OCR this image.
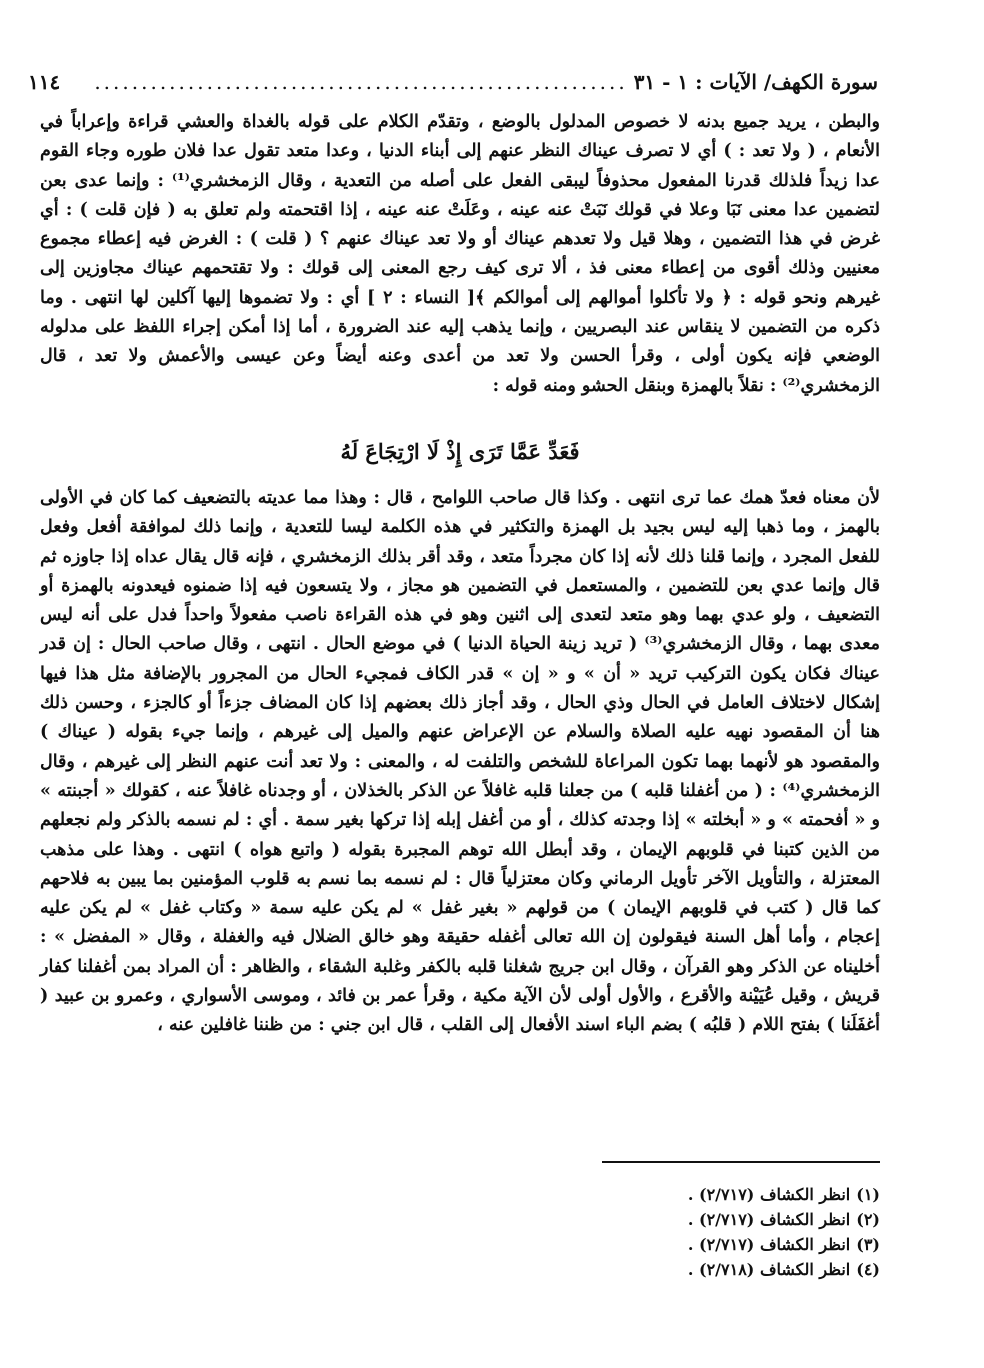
سورة الكهف/ الآيات : ١ - ٣١
.........................................................
١١٤

والبطن ، يريد جميع بدنه لا خصوص المدلول بالوضع ، وتقدّم الكلام على قوله بالغداة والعشي قراءة وإعراباً في الأنعام ، ( ولا تعد : ) أي لا تصرف عيناك النظر عنهم إلى أبناء الدنيا ، وعدا متعد تقول عدا فلان طوره وجاء القوم عدا زيداً فلذلك قدرنا المفعول محذوفاً ليبقى الفعل على أصله من التعدية ، وقال الزمخشري⁽¹⁾ : وإنما عدى بعن لتضمين عدا معنى نَبَا وعلا في قولك نَبَتْ عنه عينه ، وعَلَتْ عنه عينه ، إذا اقتحمته ولم تعلق به ( فإن قلت ) : أي غرض في هذا التضمين ، وهلا قيل ولا تعدهم عيناك أو ولا تعد عيناك عنهم ؟ ( قلت ) : الغرض فيه إعطاء مجموع معنيين وذلك أقوى من إعطاء معنى فذ ، ألا ترى كيف رجع المعنى إلى قولك : ولا تقتحمهم عيناك مجاوزين إلى غيرهم ونحو قوله : ﴿ ولا تأكلوا أموالهم إلى أموالكم ﴾[ النساء : ٢ ] أي : ولا تضموها إليها آكلين لها انتهى . وما ذكره من التضمين لا ينقاس عند البصريين ، وإنما يذهب إليه عند الضرورة ، أما إذا أمكن إجراء اللفظ على مدلوله الوضعي فإنه يكون أولى ، وقرأ الحسن ولا تعد من أعدى وعنه أيضاً وعن عيسى والأعمش ولا تعد ، قال الزمخشري⁽²⁾ : نقلاً بالهمزة وبنقل الحشو ومنه قوله :

فَعَدِّ عَمَّا تَرَى إِذْ لَا ارْتِجَاعَ لَهُ

لأن معناه فعدّ همك عما ترى انتهى . وكذا قال صاحب اللوامح ، قال : وهذا مما عديته بالتضعيف كما كان في الأولى بالهمز ، وما ذهبا إليه ليس بجيد بل الهمزة والتكثير في هذه الكلمة ليسا للتعدية ، وإنما ذلك لموافقة أفعل وفعل للفعل المجرد ، وإنما قلنا ذلك لأنه إذا كان مجرداً متعد ، وقد أقر بذلك الزمخشري ، فإنه قال يقال عداه إذا جاوزه ثم قال وإنما عدي بعن للتضمين ، والمستعمل في التضمين هو مجاز ، ولا يتسعون فيه إذا ضمنوه فيعدونه بالهمزة أو التضعيف ، ولو عدي بهما وهو متعد لتعدى إلى اثنين وهو في هذه القراءة ناصب مفعولاً واحداً فدل على أنه ليس معدى بهما ، وقال الزمخشري⁽³⁾ ( تريد زينة الحياة الدنيا ) في موضع الحال . انتهى ، وقال صاحب الحال : إن قدر عيناك فكان يكون التركيب تريد « أن » و « إن » قدر الكاف فمجيء الحال من المجرور بالإضافة مثل هذا فيها إشكال لاختلاف العامل في الحال وذي الحال ، وقد أجاز ذلك بعضهم إذا كان المضاف جزءاً أو كالجزء ، وحسن ذلك هنا أن المقصود نهيه عليه الصلاة والسلام عن الإعراض عنهم والميل إلى غيرهم ، وإنما جيء بقوله ( عيناك ) والمقصود هو لأنهما بهما تكون المراعاة للشخص والتلفت له ، والمعنى : ولا تعد أنت عنهم النظر إلى غيرهم ، وقال الزمخشري⁽⁴⁾ : ( من أغفلنا قلبه ) من جعلنا قلبه غافلاً عن الذكر بالخذلان ، أو وجدناه غافلاً عنه ، كقولك « أجبنته » و « أفحمته » و « أبخلته » إذا وجدته كذلك ، أو من أغفل إبله إذا تركها بغير سمة . أي : لم نسمه بالذكر ولم نجعلهم من الذين كتبنا في قلوبهم الإيمان ، وقد أبطل الله توهم المجبرة بقوله ( واتبع هواه ) انتهى . وهذا على مذهب المعتزلة ، والتأويل الآخر تأويل الرماني وكان معتزلياً قال : لم نسمه بما نسم به قلوب المؤمنين بما يبين به فلاحهم كما قال ( كتب في قلوبهم الإيمان ) من قولهم « بغير غفل » لم يكن عليه سمة « وكتاب غفل » لم يكن عليه إعجام ، وأما أهل السنة فيقولون إن الله تعالى أغفله حقيقة وهو خالق الضلال فيه والغفلة ، وقال « المفضل » : أخليناه عن الذكر وهو القرآن ، وقال ابن جريج شغلنا قلبه بالكفر وغلبة الشقاء ، والظاهر : أن المراد بمن أغفلنا كفار قريش ، وقيل عُيَيْنة والأقرع ، والأول أولى لأن الآية مكية ، وقرأ عمر بن فائد ، وموسى الأسواري ، وعمرو بن عبيد ( أغفَلَنا ) بفتح اللام ( قلبُه ) بضم الباء اسند الأفعال إلى القلب ، قال ابن جني : من ظننا غافلين عنه ،

(١)انظر الكشاف (٢/٧١٧) .
(٢)انظر الكشاف (٢/٧١٧) .
(٣)انظر الكشاف (٢/٧١٧) .
(٤)انظر الكشاف (٢/٧١٨) .
